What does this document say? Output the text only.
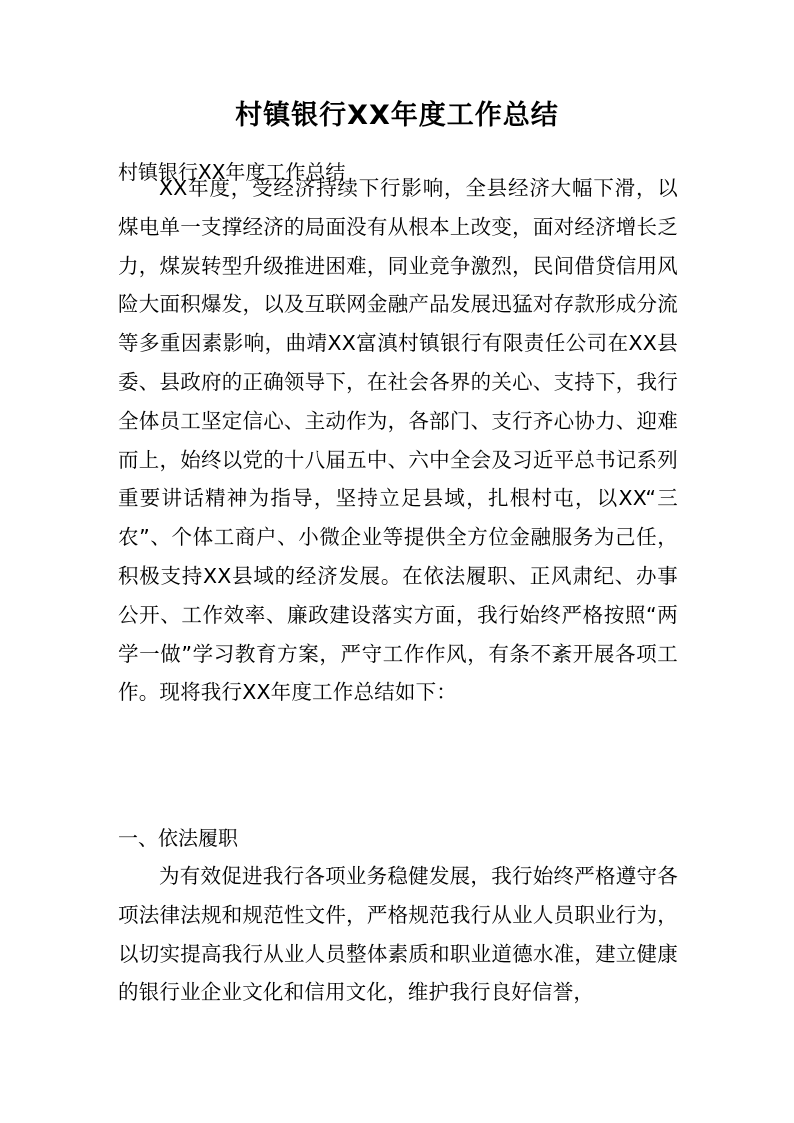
村镇银行XX年度工作总结

村镇银行XX年度工作总结

XX年度，受经济持续下行影响，全县经济大幅下滑，以煤电单一支撑经济的局面没有从根本上改变，面对经济增长乏力，煤炭转型升级推进困难，同业竞争激烈，民间借贷信用风险大面积爆发，以及互联网金融产品发展迅猛对存款形成分流等多重因素影响，曲靖XX富滇村镇银行有限责任公司在XX县委、县政府的正确领导下，在社会各界的关心、支持下，我行全体员工坚定信心、主动作为，各部门、支行齐心协力、迎难而上，始终以党的十八届五中、六中全会及习近平总书记系列重要讲话精神为指导，坚持立足县域，扎根村屯，以XX“三农”、个体工商户、小微企业等提供全方位金融服务为己任，积极支持XX县域的经济发展。在依法履职、正风肃纪、办事公开、工作效率、廉政建设落实方面，我行始终严格按照“两学一做”学习教育方案，严守工作作风，有条不紊开展各项工作。现将我行XX年度工作总结如下：

一、依法履职

为有效促进我行各项业务稳健发展，我行始终严格遵守各项法律法规和规范性文件，严格规范我行从业人员职业行为，以切实提高我行从业人员整体素质和职业道德水准，建立健康的银行业企业文化和信用文化，维护我行良好信誉，
